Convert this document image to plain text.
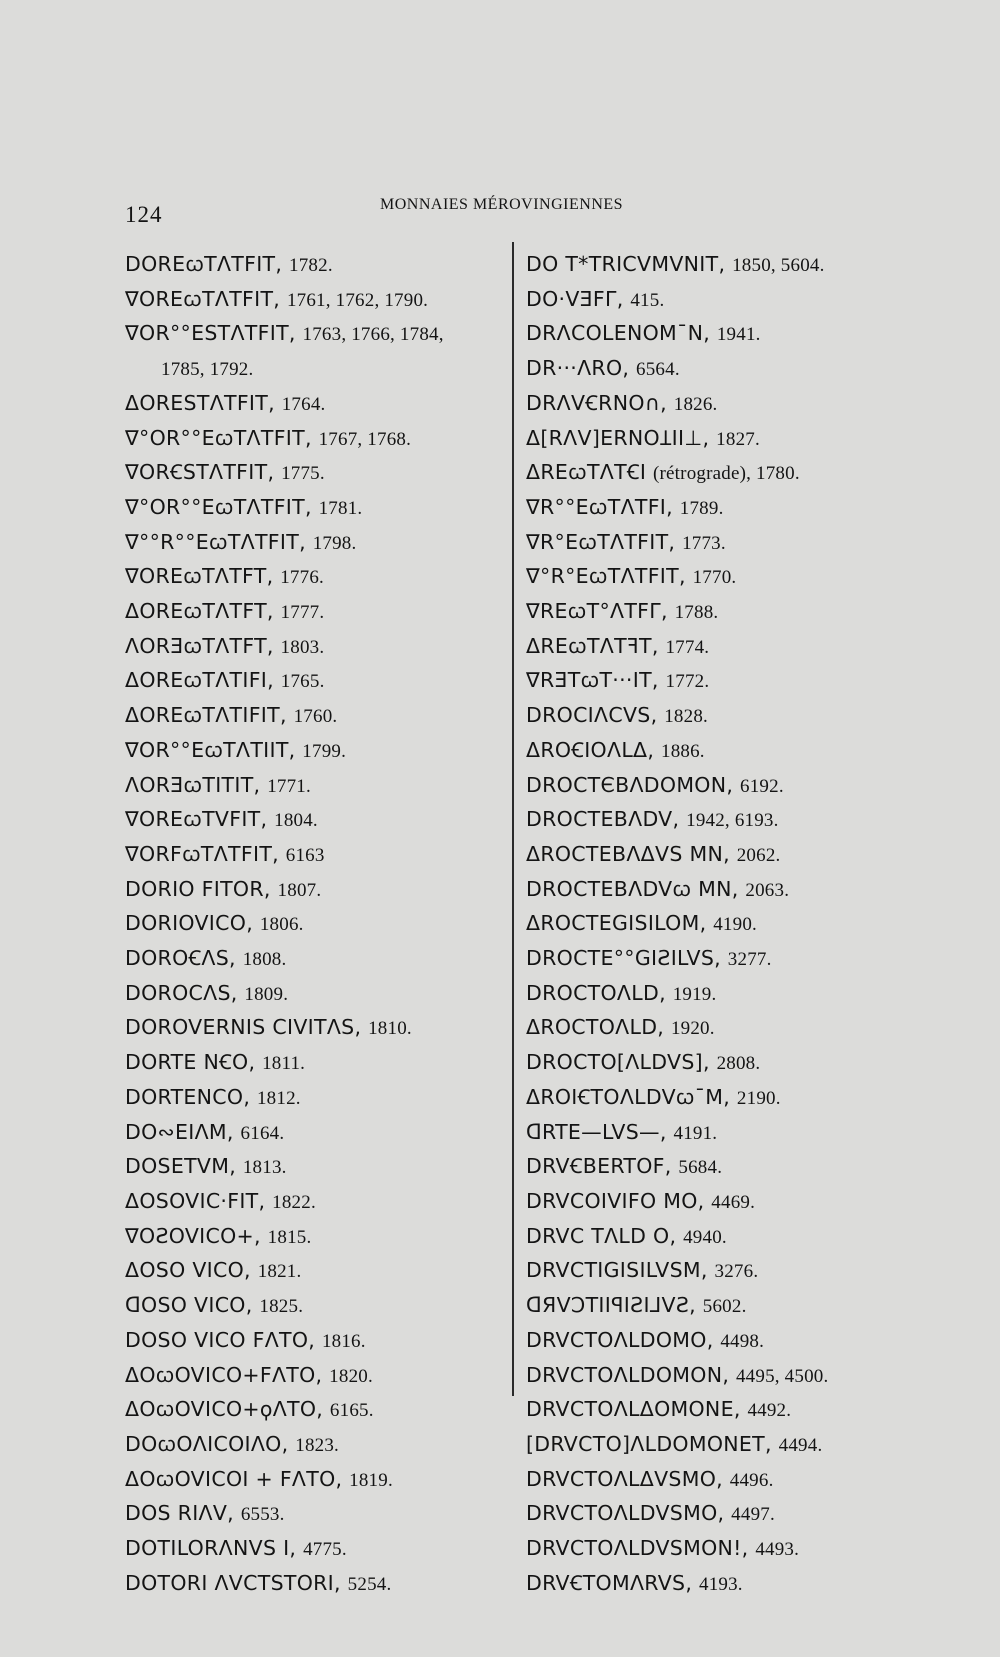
124	MONNAIES MÉROVINGIENNES
DOREꞷTΛTFIT, 1782.
∇OREꞷTΛTFIT, 1761, 1762, 1790.
∇OR°°ESTΛTFIT, 1763, 1766, 1784,
1785, 1792.
ΔORESTΛTFIT, 1764.
∇°OR°°EꞷTΛTFIT, 1767, 1768.
∇ORꞒSTΛTFIT, 1775.
∇°OR°°EꞷTΛTFIT, 1781.
∇°°R°°EꞷTΛTFIT, 1798.
∇OREꞷTΛTFT, 1776.
ΔOREꞷTΛTFT, 1777.
ΛORƎꞷTΛTFT, 1803.
ΔOREꞷTΛTIFI, 1765.
ΔOREꞷTΛTIFIT, 1760.
∇OR°°EꞷTΛTIIT, 1799.
ΛORƎꞷTITIT, 1771.
∇OREꞷTVFIT, 1804.
∇ORFꞷTΛTFIT, 6163
DORIO FITOR, 1807.
DORIOVICO, 1806.
DOROꞒΛS, 1808.
DOROCΛS, 1809.
DOROVERNIS CIVITΛS, 1810.
DORTE NꞒO, 1811.
DORTENCO, 1812.
DO∾EIΛM, 6164.
DOSETVM, 1813.
ΔOSOVIC·FIT, 1822.
∇OƧOVICO+, 1815.
ΔOSO VICO, 1821.
ᗡOSO VICO, 1825.
DOSO VICO FΛTO, 1816.
ΔOꞷOVICO+FΛTO, 1820.
ΔOꞷOVICO+ϙΛTO, 6165.
DOꞷOΛICOIΛO, 1823.
ΔOꞷOVICOI + FΛTO, 1819.
DOS RIΛV, 6553.
DOTILORΛNVS I, 4775.
DOTORI ΛVCTSTORI, 5254.
DO T*TRICVMVNIT, 1850, 5604.
DO·VƎFΓ, 415.
DRΛCOLENOM¯N, 1941.
DR···ΛRO, 6564.
DRΛVꞒRNO∩, 1826.
Δ[RΛV]ERNOꞱII⊥, 1827.
ΔREꞷTΛTꞒI (rétrograde), 1780.
∇R°°EꞷTΛTFI, 1789.
∇R°EꞷTΛTFIT, 1773.
∇°R°EꞷTΛTFIT, 1770.
∇REꞷT°ΛTFΓ, 1788.
ΔREꞷTΛTꟻT, 1774.
∇RƎTꞷT···IT, 1772.
DROCIΛCVS, 1828.
ΔROꞒIOΛLΔ, 1886.
DROCTЄBΛDOMON, 6192.
DROCTEBΛDV, 1942, 6193.
ΔROCTEBΛΔVS MN, 2062.
DROCTEBΛDVꞷ MN, 2063.
ΔROCTEGISILOM, 4190.
DROCTE°°GIƧILVS, 3277.
DROCTOΛLD, 1919.
ΔROCTOΛLD, 1920.
DROCTO[ΛLDVS], 2808.
ΔROIꞒTOΛLDVꞷ¯M, 2190.
ᗡRTE—LVS—, 4191.
DRVꞒBERTOF, 5684.
DRVCOIVIFO MO, 4469.
DRVC TΛLD O, 4940.
DRVCTIGISILVSM, 3276.
ᗡЯVϽTIIꟼIƧI⅃VƧ, 5602.
DRVCTOΛLDOMO, 4498.
DRVCTOΛLDOMON, 4495, 4500.
DRVCTOΛLΔOMONE, 4492.
[DRVCTO]ΛLDOMONET, 4494.
DRVCTOΛLΔVSMO, 4496.
DRVCTOΛLDVSMO, 4497.
DRVCTOΛLDVSMON!, 4493.
DRVꞒTOMΛRVS, 4193.
